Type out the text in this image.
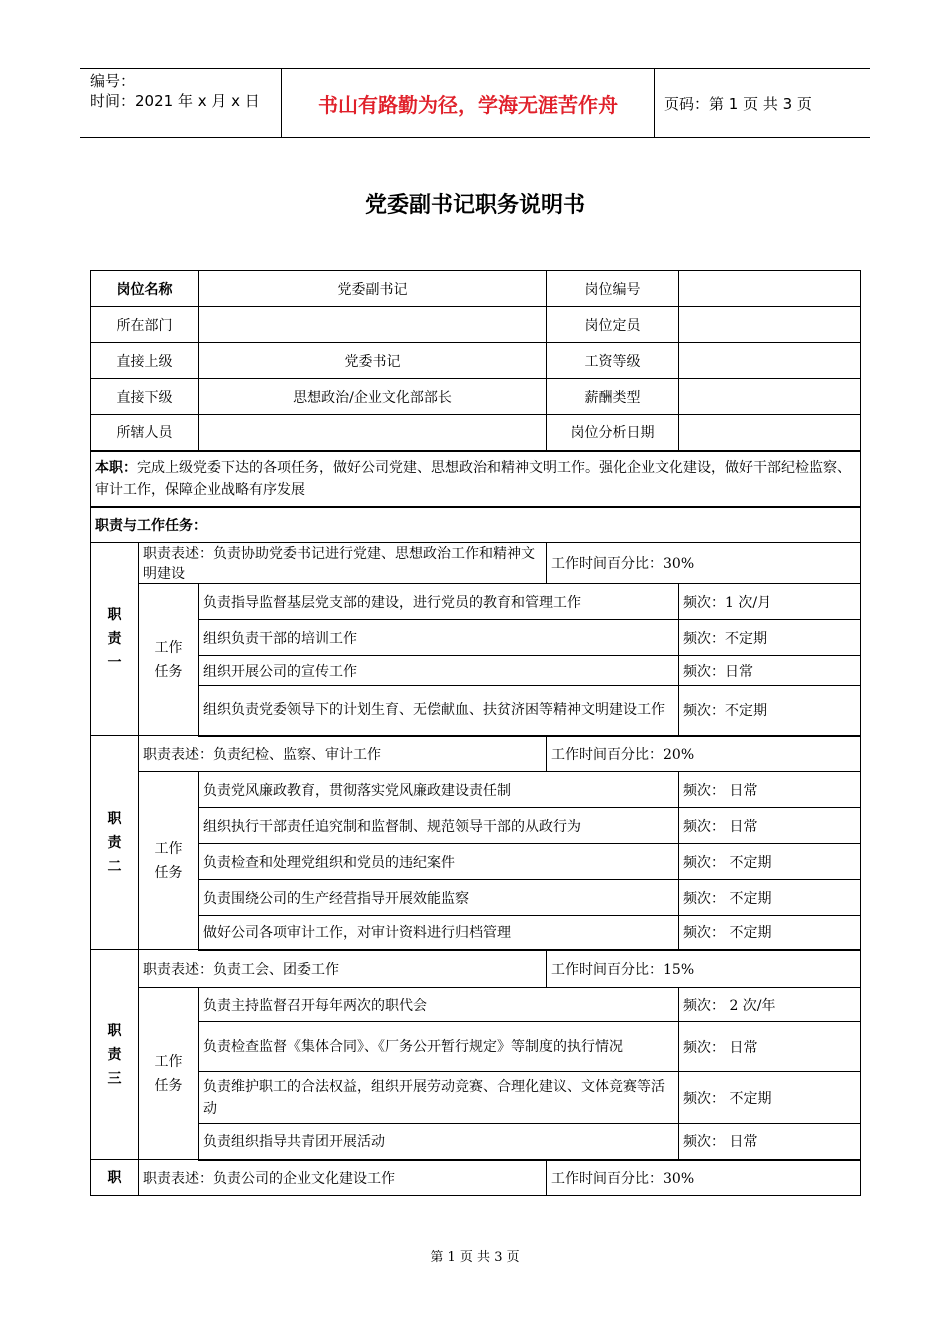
编号：
时间：2021 年 x 月 x 日	书山有路勤为径，学海无涯苦作舟	页码：第 1 页 共 3 页
党委副书记职务说明书
岗位名称		党委副书记	岗位编号	
所在部门			岗位定员	
直接上级		党委书记	工资等级	
直接下级		思想政治/企业文化部部长	薪酬类型	
所辖人员			岗位分析日期	
本职：完成上级党委下达的各项任务，做好公司党建、思想政治和精神文明工作。强化企业文化建设，做好干部纪检监察、审计工作，保障企业战略有序发展				
职责与工作任务：				
职
责
一	职责表述：负责协助党委书记进行党建、思想政治工作和精神文明建设		工作时间百分比：30%	
	工作
任务	负责指导监督基层党支部的建设，进行党员的教育和管理工作		频次：1 次/月
		组织负责干部的培训工作		频次：不定期
		组织开展公司的宣传工作		频次：日常
		组织负责党委领导下的计划生育、无偿献血、扶贫济困等精神文明建设工作		频次：不定期
职
责
二	职责表述：负责纪检、监察、审计工作		工作时间百分比：20%	
	工作
任务	负责党风廉政教育，贯彻落实党风廉政建设责任制		频次： 日常
		组织执行干部责任追究制和监督制、规范领导干部的从政行为		频次： 日常
		负责检查和处理党组织和党员的违纪案件		频次： 不定期
		负责围绕公司的生产经营指导开展效能监察		频次： 不定期
		做好公司各项审计工作，对审计资料进行归档管理		频次： 不定期
职
责
三	职责表述：负责工会、团委工作		工作时间百分比：15%	
	工作
任务	负责主持监督召开每年两次的职代会		频次： 2 次/年
		负责检查监督《集体合同》、《厂务公开暂行规定》等制度的执行情况		频次： 日常
		负责维护职工的合法权益，组织开展劳动竞赛、合理化建议、文体竞赛等活动		频次： 不定期
		负责组织指导共青团开展活动		频次： 日常
职	职责表述：负责公司的企业文化建设工作		工作时间百分比：30%	
第 1 页 共 3 页
